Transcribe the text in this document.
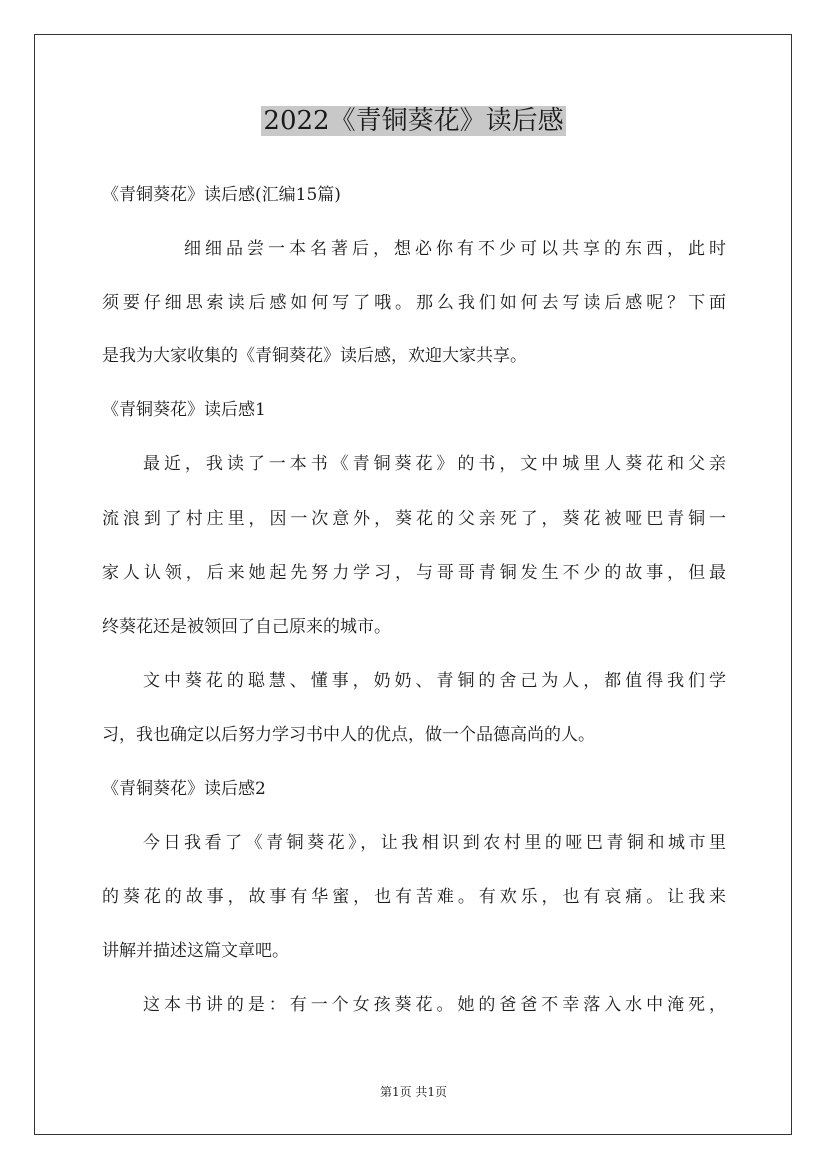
2022《青铜葵花》读后感

《青铜葵花》读后感(汇编15篇)

细细品尝一本名著后，想必你有不少可以共享的东西，此时

须要仔细思索读后感如何写了哦。那么我们如何去写读后感呢？下面

是我为大家收集的《青铜葵花》读后感，欢迎大家共享。

《青铜葵花》读后感1

最近，我读了一本书《青铜葵花》的书，文中城里人葵花和父亲

流浪到了村庄里，因一次意外，葵花的父亲死了，葵花被哑巴青铜一

家人认领，后来她起先努力学习，与哥哥青铜发生不少的故事，但最

终葵花还是被领回了自己原来的城市。

文中葵花的聪慧、懂事，奶奶、青铜的舍己为人，都值得我们学

习，我也确定以后努力学习书中人的优点，做一个品德高尚的人。

《青铜葵花》读后感2

今日我看了《青铜葵花》，让我相识到农村里的哑巴青铜和城市里

的葵花的故事，故事有华蜜，也有苦难。有欢乐，也有哀痛。让我来

讲解并描述这篇文章吧。

这本书讲的是：有一个女孩葵花。她的爸爸不幸落入水中淹死，

第1页 共1页
